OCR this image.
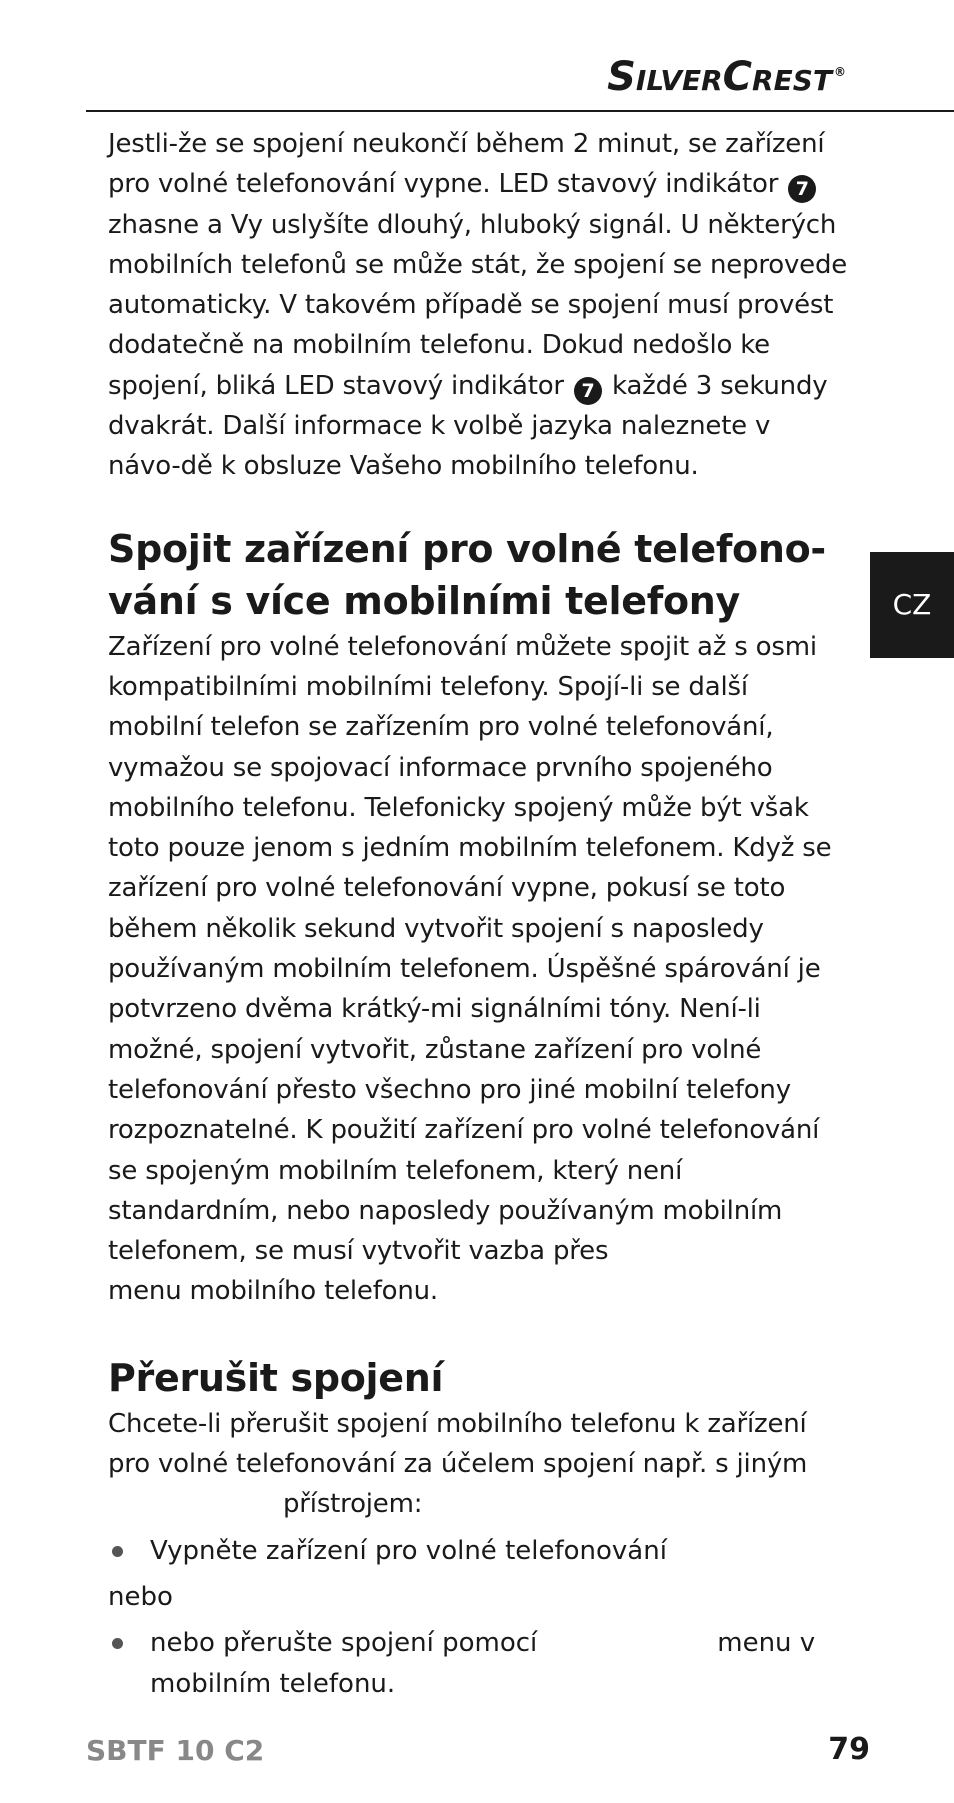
SilverCrest ®
CZ

Jestli-že se spojení neukončí během 2 minut, se zařízení pro volné telefonování vypne. LED stavový indikátor 7 zhasne a Vy uslyšíte dlouhý, hluboký signál. U některých mobilních telefonů se může stát, že spojení se neprovede automaticky. V takovém případě se spojení musí provést dodatečně na mobilním telefonu. Dokud nedošlo ke spojení, bliká LED stavový indikátor 7 každé 3 sekundy dvakrát. Další informace k volbě jazyka naleznete v návo-dě k obsluze Vašeho mobilního telefonu.

Spojit zařízení pro volné telefono-vání s více mobilními telefony

Zařízení pro volné telefonování můžete spojit až s osmi kompatibilními mobilními telefony. Spojí-li se další mobilní telefon se zařízením pro volné telefonování, vymažou se spojovací informace prvního spojeného mobilního telefonu. Telefonicky spojený může být však toto pouze jenom s jedním mobilním telefonem. Když se zařízení pro volné telefonování vypne, pokusí se toto během několik sekund vytvořit spojení s naposledy používaným mobilním telefonem. Úspěšné spárování je potvrzeno dvěma krátký-mi signálními tóny. Není-li možné, spojení vytvořit, zůstane zařízení pro volné telefonování přesto všechno pro jiné mobilní telefony rozpoznatelné. K použití zařízení pro volné telefonování se spojeným mobilním telefonem, který není standardním, nebo naposledy používaným mobilním telefonem, se musí vytvořit vazba přesmenu mobilního telefonu.

Přerušit spojení

Chcete-li přerušit spojení mobilního telefonu k zařízení pro volné telefonování za účelem spojení např. s jiným
přístrojem:

Vypněte zařízení pro volné telefonování
nebo
nebo přerušte spojení pomocí	menu v mobilním telefonu.
SBTF 10 C2	79
